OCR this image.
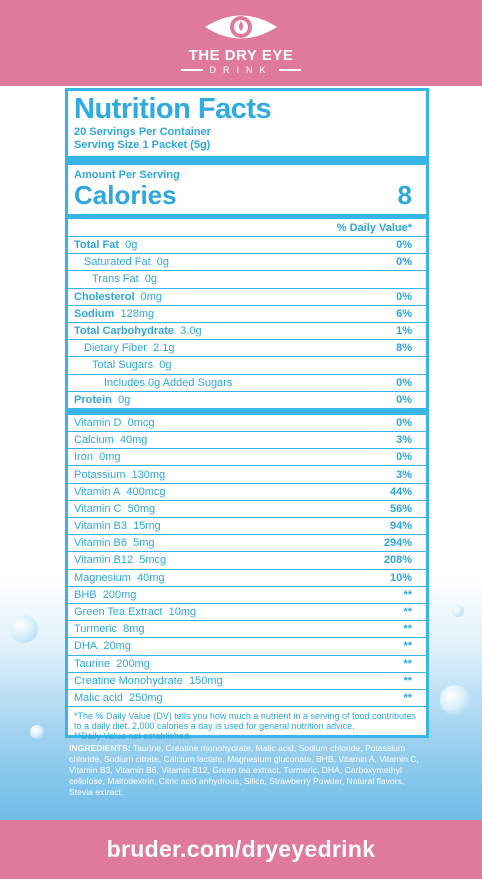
THE DRY EYE
DRINK
Nutrition Facts
20 Servings Per Container
Serving Size 1 Packet (5g)
Amount Per Serving
Calories	8
% Daily Value*
Total Fat 0g	0%
Saturated Fat 0g	0%
Trans Fat 0g
Cholesterol 0mg	0%
Sodium 128mg	6%
Total Carbohydrate 3.0g	1%
Dietary Fiber 2.1g	8%
Total Sugars 0g
Includes 0g Added Sugars	0%
Protein 0g	0%
Vitamin D 0mcg	0%
Calcium 40mg	3%
Iron 0mg	0%
Potassium 130mg	3%
Vitamin A 400mcg	44%
Vitamin C 50mg	56%
Vitamin B3 15mg	94%
Vitamin B6 5mg	294%
Vitamin B12 5mcg	208%
Magnesium 40mg	10%
BHB 200mg	**
Green Tea Extract 10mg	**
Turmeric 8mg	**
DHA 20mg	**
Taurine 200mg	**
Creatine Monohydrate 150mg	**
Malic acid 250mg	**
*The % Daily Value (DV) tells you how much a nutrient in a serving of food contributes to a daily diet. 2,000 calories a day is used for general nutrition advice.
**Daily Value not established.
INGREDIENTS: Taurine, Creatine monohydrate, Malic acid, Sodium chloride, Potassium chloride, Sodium citrate, Calcium lactate, Magnesium gluconate, BHB, Vitamin A, Vitamin C, Vitamin B3, Vitamin B6, Vitamin B12, Green tea extract, Turmeric, DHA, Carboxymethyl cellulose, Maltodextrin, Citric acid anhydrous, Silica, Strawberry Powder, Natural flavors, Stevia extract.
bruder.com/dryeyedrink
